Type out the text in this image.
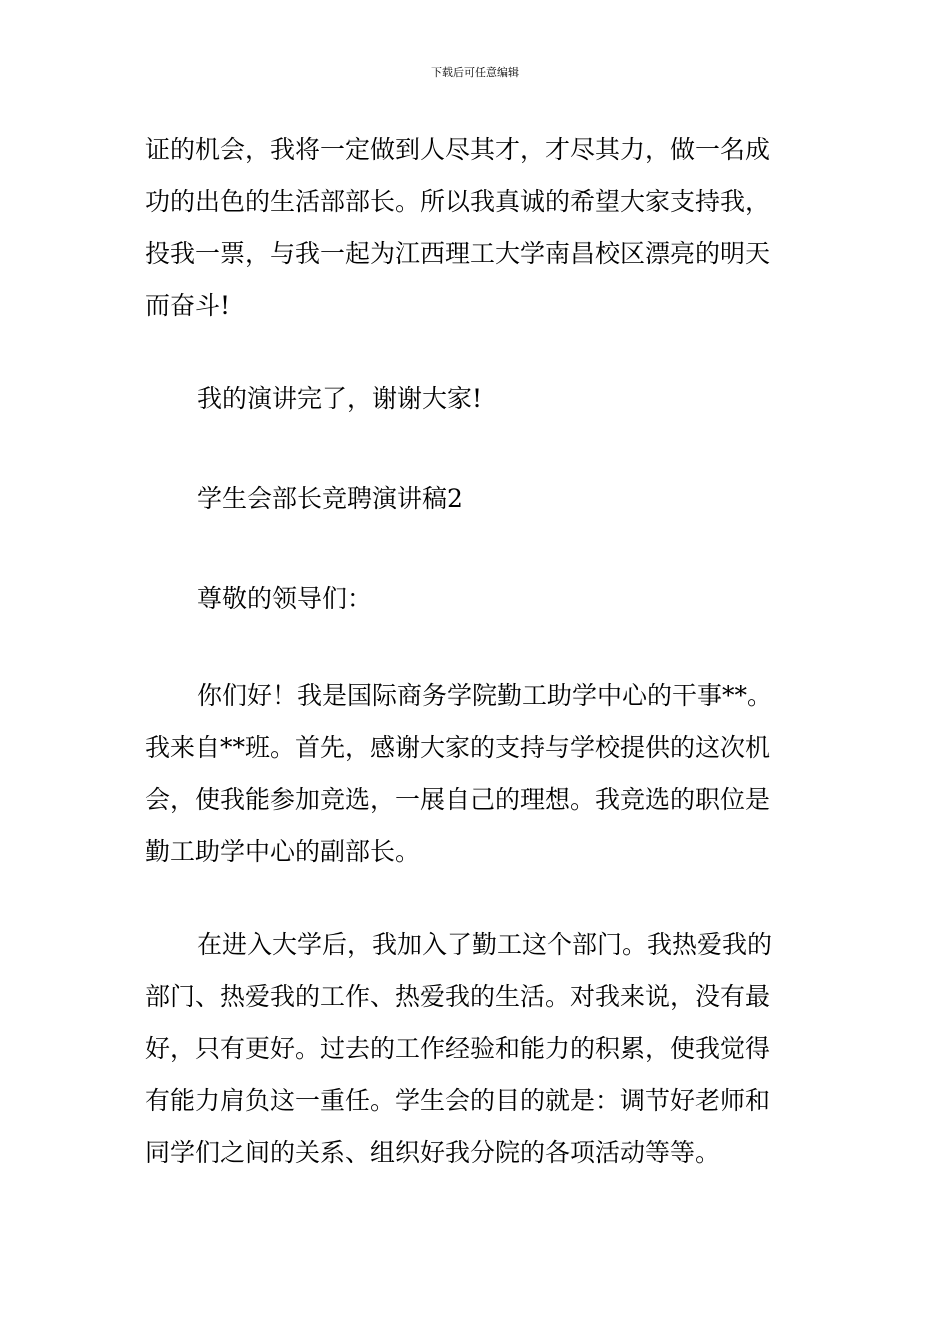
下载后可任意编辑
证的机会，我将一定做到人尽其才，才尽其力，做一名成
功的出色的生活部部长。所以我真诚的希望大家支持我，
投我一票，与我一起为江西理工大学南昌校区漂亮的明天
而奋斗!
我的演讲完了，谢谢大家!
学生会部长竞聘演讲稿2
尊敬的领导们：
你们好！我是国际商务学院勤工助学中心的干事**。
我来自**班。首先，感谢大家的支持与学校提供的这次机
会，使我能参加竞选，一展自己的理想。我竞选的职位是
勤工助学中心的副部长。
在进入大学后，我加入了勤工这个部门。我热爱我的
部门、热爱我的工作、热爱我的生活。对我来说，没有最
好，只有更好。过去的工作经验和能力的积累，使我觉得
有能力肩负这一重任。学生会的目的就是：调节好老师和
同学们之间的关系、组织好我分院的各项活动等等。
